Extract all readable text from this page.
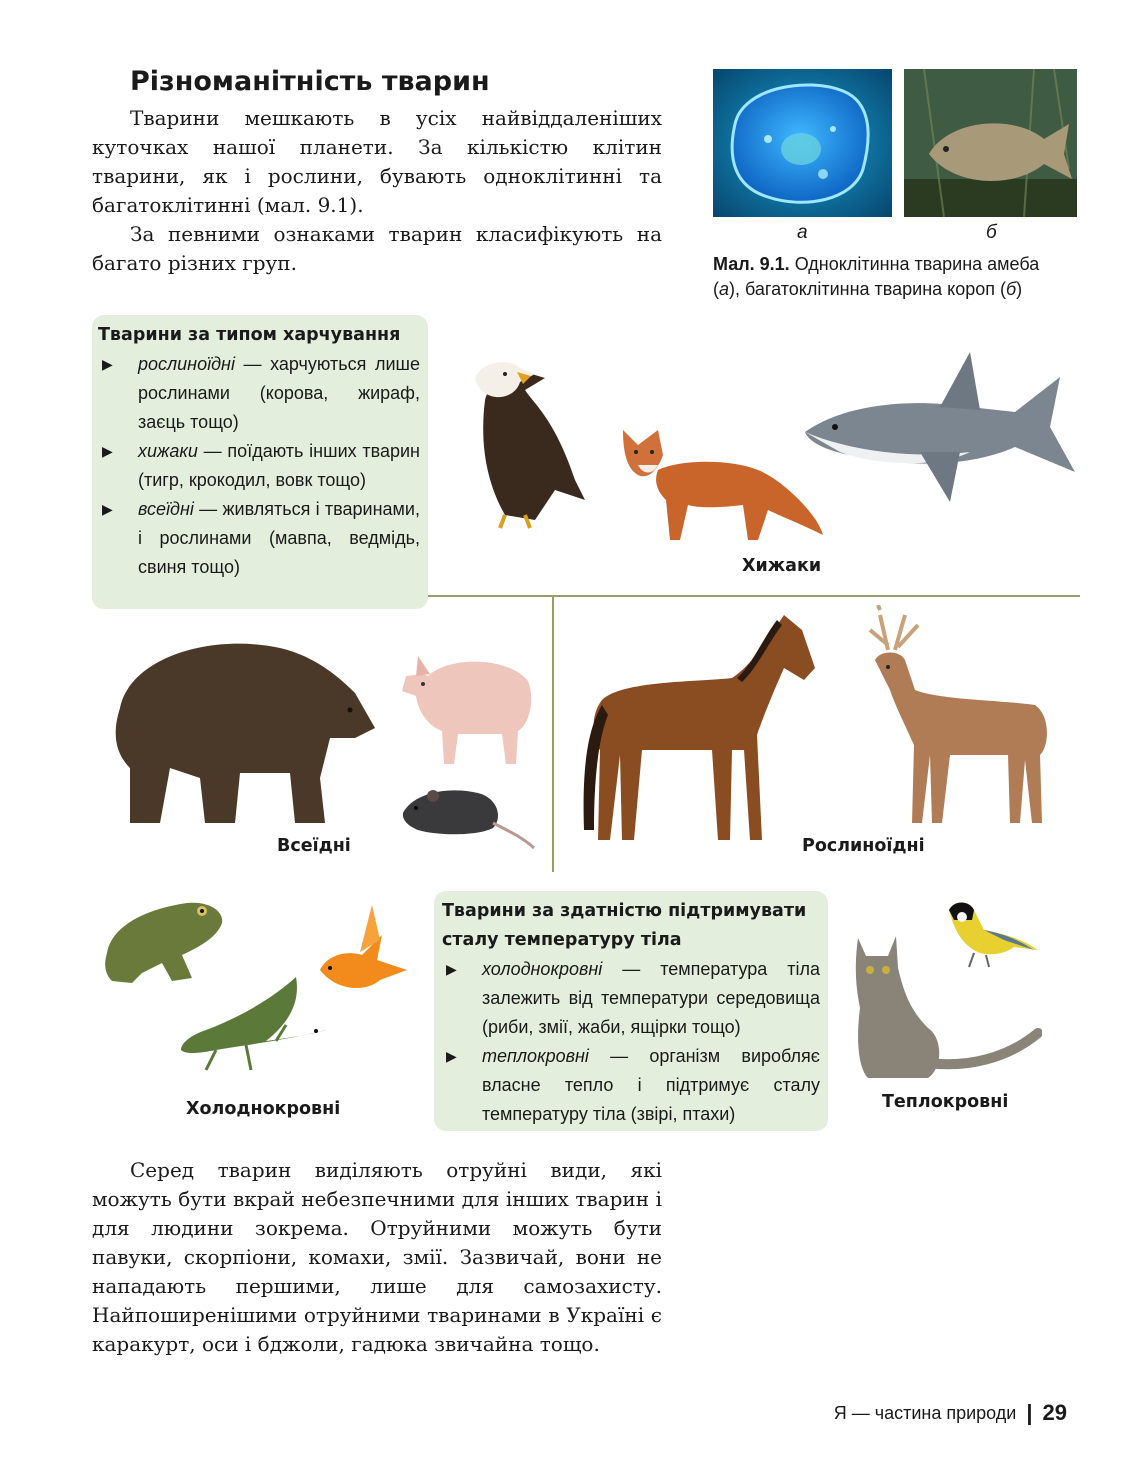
Різноманітність тварин

Тварини мешкають в усіх найвіддаленіших куточках нашої планети. За кількістю клітин тварини, як і рослини, бувають одноклітинні та багатоклітинні (мал. 9.1).

За певними ознаками тварин класифікують на багато різних груп.

а	б
Мал. 9.1. Одноклітинна тварина амеба (а), багатоклітинна тварина короп (б)
Тварини за типом харчування
▶ рослиноїдні — харчуються лише рослинами (корова, жираф, заєць тощо)
▶ хижаки — поїдають інших тварин (тигр, крокодил, вовк тощо)
▶ всеїдні — живляться і тваринами, і рослинами (мавпа, ведмідь, свиня тощо)	Хижаки
Всеїдні	Рослиноїдні
Холоднокровні
Тварини за здатністю підтримувати
сталу температуру тіла
▶ холоднокровні — температура тіла залежить від температури середовища (риби, змії, жаби, ящірки тощо)
▶ теплокровні — організм виробляє власне тепло і підтримує сталу температуру тіла (звірі, птахи)
Теплокровні

Серед тварин виділяють отруйні види, які можуть бути вкрай небезпечними для інших тварин і для людини зокрема. Отруйними можуть бути павуки, скорпіони, комахи, змії. Зазвичай, вони не нападають першими, лише для самозахисту. Найпоширенішими отруйними тваринами в Україні є каракурт, оси і бджоли, гадюка звичайна тощо.

Я — частина природи | 29
